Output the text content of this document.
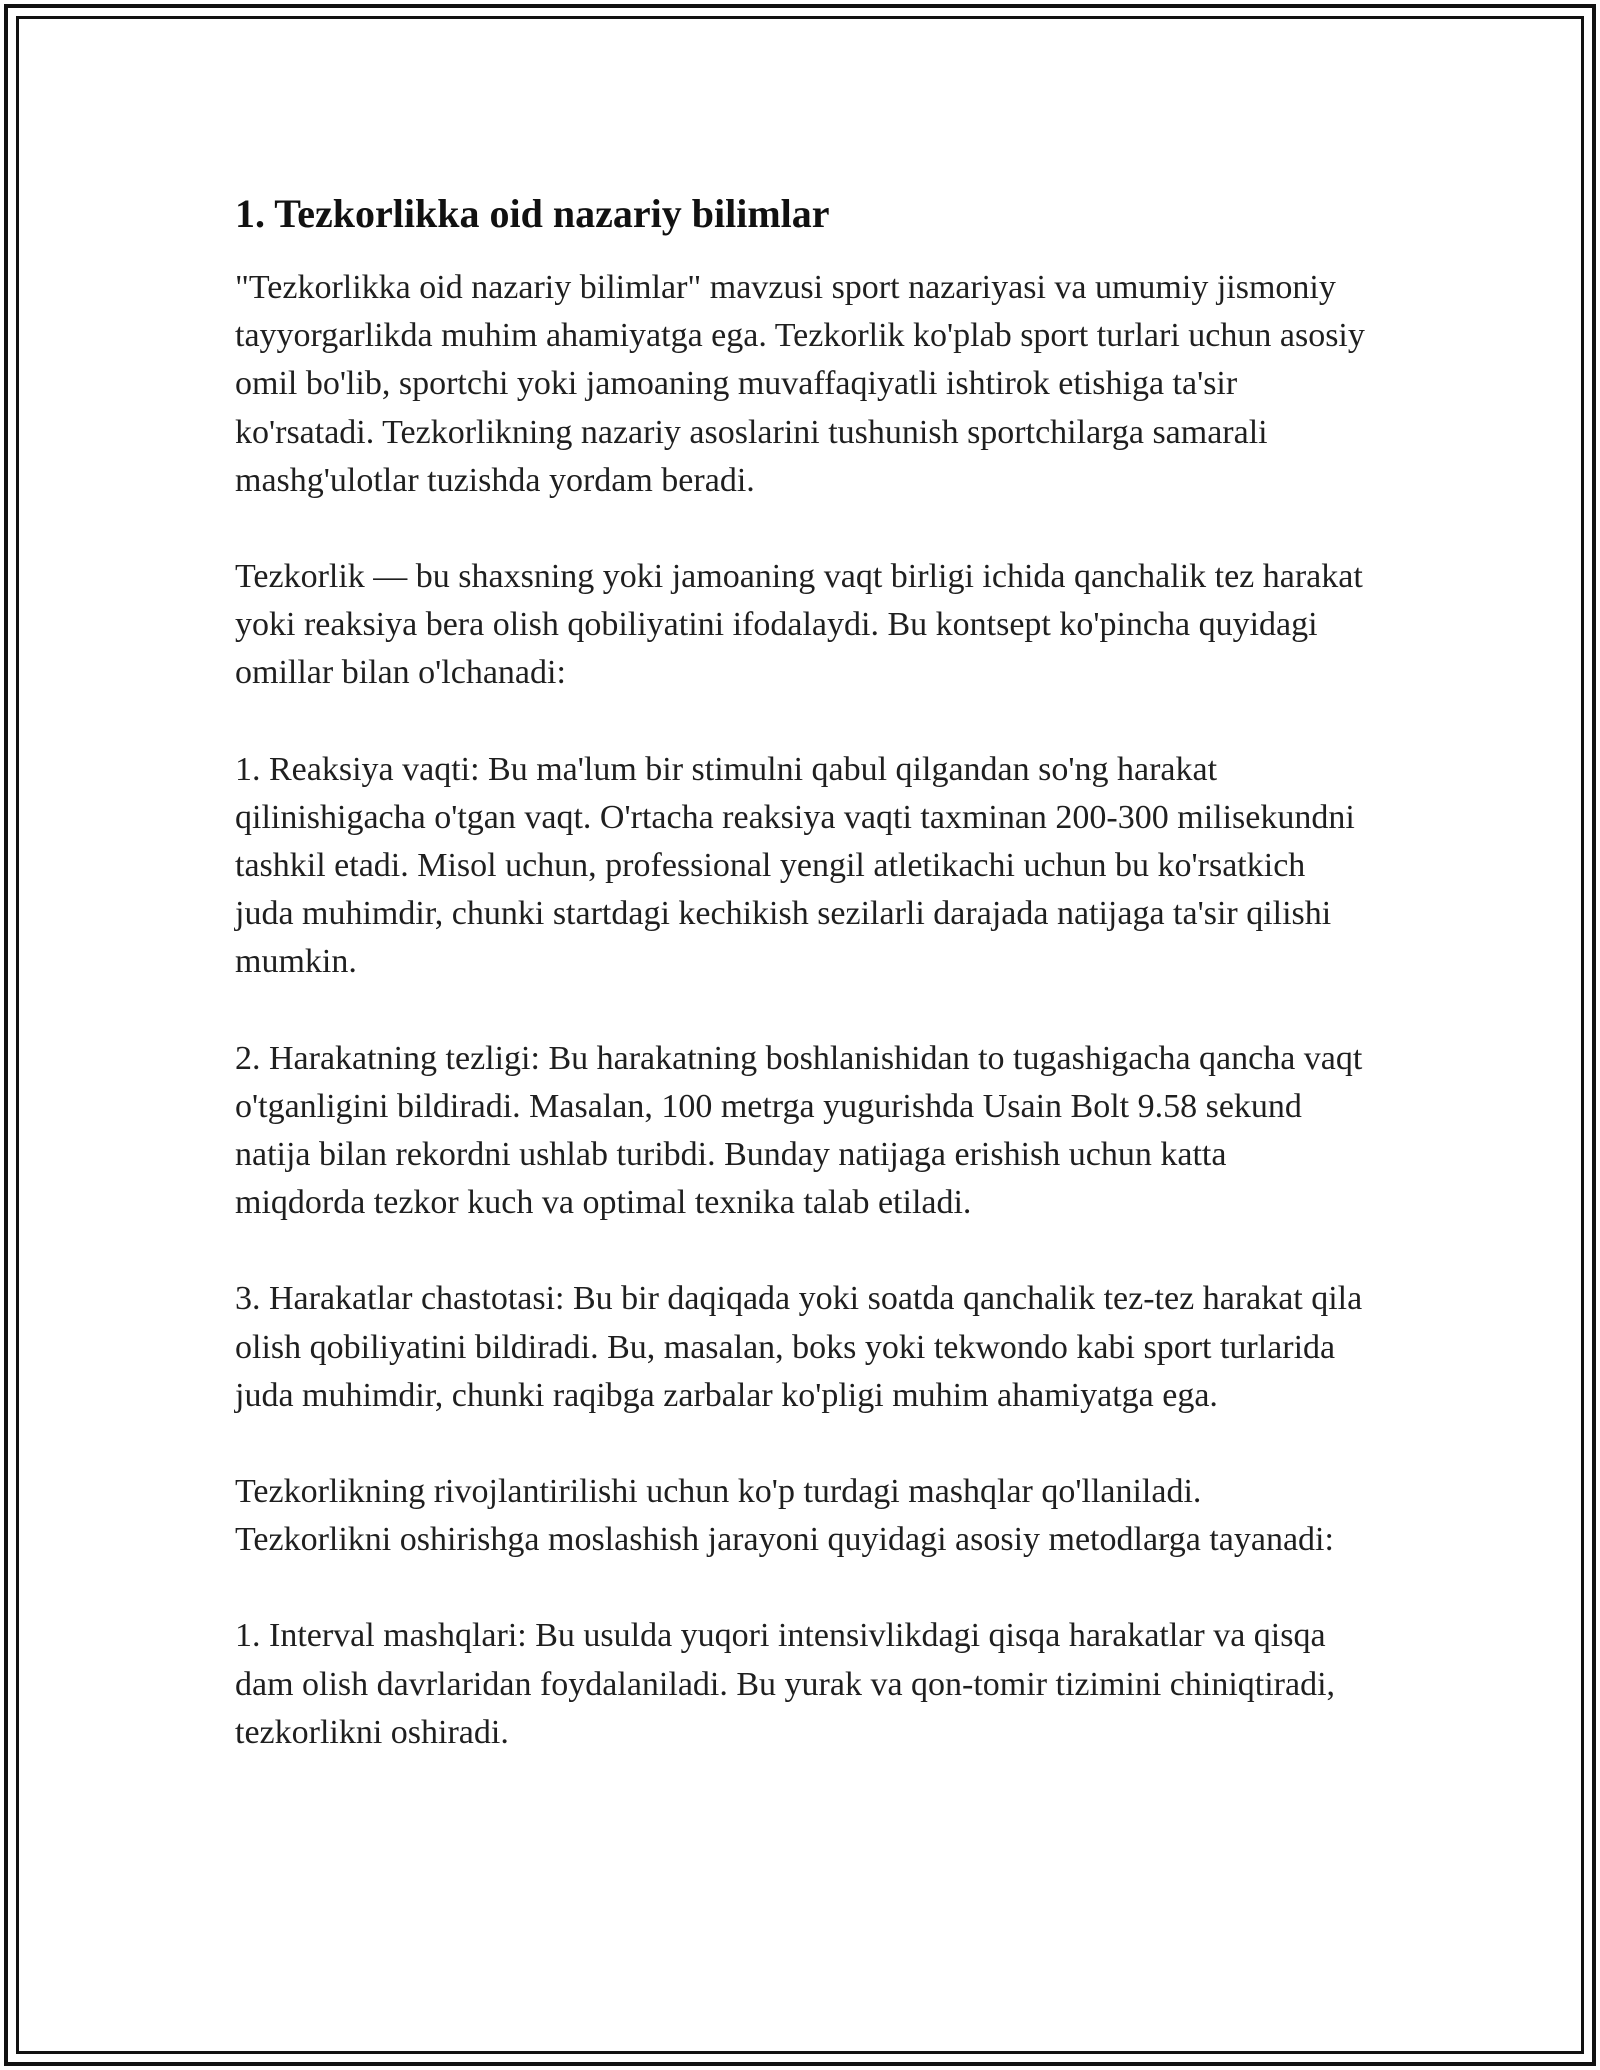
1. Tezkorlikka oid nazariy bilimlar

"Tezkorlikka oid nazariy bilimlar" mavzusi sport nazariyasi va umumiy jismoniy tayyorgarlikda muhim ahamiyatga ega. Tezkorlik ko'plab sport turlari uchun asosiy omil bo'lib, sportchi yoki jamoaning muvaffaqiyatli ishtirok etishiga ta'sir ko'rsatadi. Tezkorlikning nazariy asoslarini tushunish sportchilarga samarali mashg'ulotlar tuzishda yordam beradi.

Tezkorlik — bu shaxsning yoki jamoaning vaqt birligi ichida qanchalik tez harakat yoki reaksiya bera olish qobiliyatini ifodalaydi. Bu kontsept ko'pincha quyidagi omillar bilan o'lchanadi:

1. Reaksiya vaqti: Bu ma'lum bir stimulni qabul qilgandan so'ng harakat qilinishigacha o'tgan vaqt. O'rtacha reaksiya vaqti taxminan 200-300 milisekundni tashkil etadi. Misol uchun, professional yengil atletikachi uchun bu ko'rsatkich juda muhimdir, chunki startdagi kechikish sezilarli darajada natijaga ta'sir qilishi mumkin.

2. Harakatning tezligi: Bu harakatning boshlanishidan to tugashigacha qancha vaqt o'tganligini bildiradi. Masalan, 100 metrga yugurishda Usain Bolt 9.58 sekund natija bilan rekordni ushlab turibdi. Bunday natijaga erishish uchun katta miqdorda tezkor kuch va optimal texnika talab etiladi.

3. Harakatlar chastotasi: Bu bir daqiqada yoki soatda qanchalik tez-tez harakat qila olish qobiliyatini bildiradi. Bu, masalan, boks yoki tekwondo kabi sport turlarida juda muhimdir, chunki raqibga zarbalar ko'pligi muhim ahamiyatga ega.

Tezkorlikning rivojlantirilishi uchun ko'p turdagi mashqlar qo'llaniladi. Tezkorlikni oshirishga moslashish jarayoni quyidagi asosiy metodlarga tayanadi:

1. Interval mashqlari: Bu usulda yuqori intensivlikdagi qisqa harakatlar va qisqa dam olish davrlaridan foydalaniladi. Bu yurak va qon-tomir tizimini chiniqtiradi, tezkorlikni oshiradi.
